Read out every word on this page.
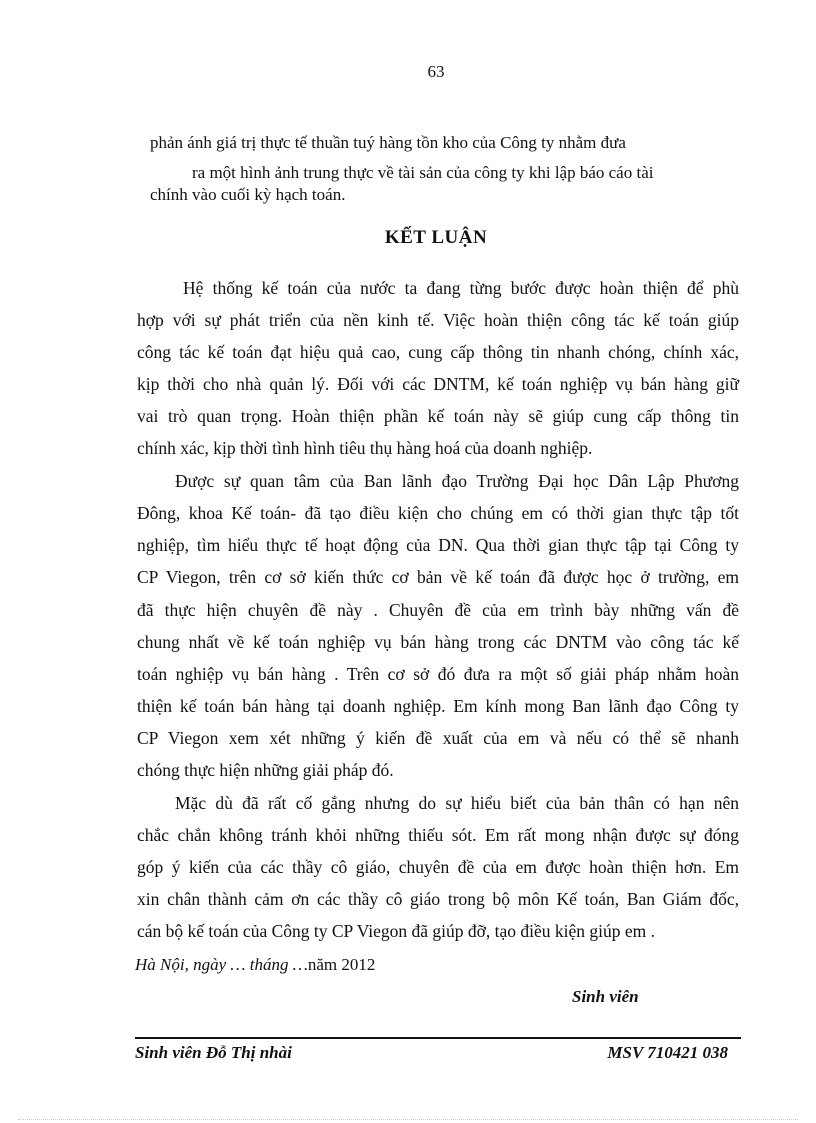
63
phản ánh giá trị thực tế thuần tuý hàng tồn kho của Công ty nhằm đưa
ra một hình ảnh trung thực về tài sản của công ty khi lập báo cáo tài
chính vào cuối kỳ hạch toán.
KẾT LUẬN
Hệ thống kế toán của nước ta đang từng bước được hoàn thiện để phù
hợp với sự phát triển của nền kinh tế. Việc hoàn thiện công tác kế toán giúp
công tác kế toán đạt hiệu quả cao, cung cấp thông tin nhanh chóng, chính xác,
kịp thời cho nhà quản lý. Đối với các DNTM, kế toán nghiệp vụ bán hàng giữ
vai trò quan trọng. Hoàn thiện phần kế toán này sẽ giúp cung cấp thông tin
chính xác, kịp thời tình hình tiêu thụ hàng hoá của doanh nghiệp.
Được sự quan tâm của Ban lãnh đạo Trường Đại học Dân Lập Phương
Đông, khoa Kế toán- đã tạo điều kiện cho chúng em có thời gian thực tập tốt
nghiệp, tìm hiểu thực tế hoạt động của DN. Qua thời gian thực tập tại Công ty
CP Viegon, trên cơ sở kiến thức cơ bản về kế toán đã được học ở trường, em
đã thực hiện chuyên đề này . Chuyên đề của em trình bày những vấn đề
chung nhất về kế toán nghiệp vụ bán hàng trong các DNTM vào công tác kế
toán nghiệp vụ bán hàng . Trên cơ sở đó đưa ra một số giải pháp nhằm hoàn
thiện kế toán bán hàng tại doanh nghiệp. Em kính mong Ban lãnh đạo Công ty
CP Viegon xem xét những ý kiến đề xuất của em và nếu có thể sẽ nhanh
chóng thực hiện những giải pháp đó.
Mặc dù đã rất cố gắng nhưng do sự hiểu biết của bản thân có hạn nên
chắc chắn không tránh khỏi những thiếu sót. Em rất mong nhận được sự đóng
góp ý kiến của các thầy cô giáo, chuyên đề của em được hoàn thiện hơn. Em
xin chân thành cảm ơn các thầy cô giáo trong bộ môn Kế toán, Ban Giám đốc,
cán bộ kế toán của Công ty CP Viegon đã giúp đỡ, tạo điều kiện giúp em .
Hà Nội, ngày … tháng …năm 2012
Sinh viên
Sinh viên Đỗ Thị nhài	MSV 710421 038
